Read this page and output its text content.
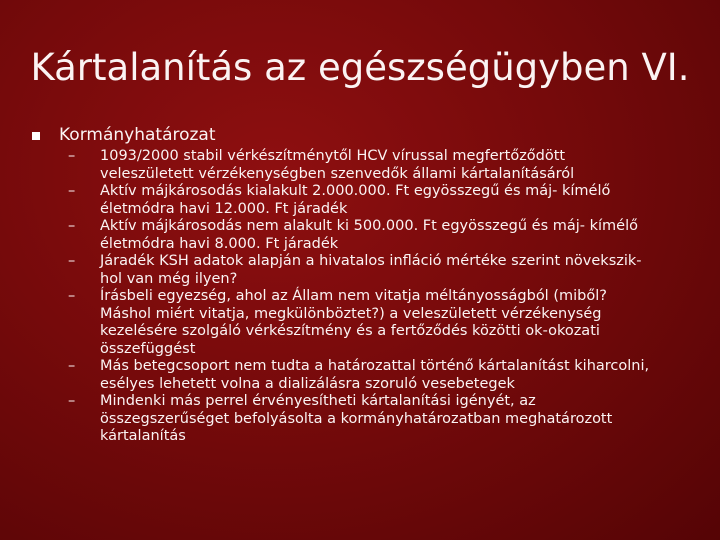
Kártalanítás az egészségügyben VI.
Kormányhatározat
–	1093/2000 stabil vérkészítménytől HCV vírussal megfertőződött veleszületett vérzékenységben szenvedők állami kártalanításáról
–	Aktív májkárosodás kialakult 2.000.000. Ft egyösszegű és máj- kímélő életmódra havi 12.000. Ft járadék
–	Aktív májkárosodás nem alakult ki 500.000. Ft egyösszegű és máj- kímélő életmódra havi 8.000. Ft járadék
–	Járadék KSH adatok alapján a hivatalos infláció mértéke szerint növekszik- hol van még ilyen?
–	Írásbeli egyezség, ahol az Állam nem vitatja méltányosságból (miből? Máshol miért vitatja, megkülönböztet?) a veleszületett vérzékenység kezelésére szolgáló vérkészítmény és a fertőződés közötti ok-okozati összefüggést
–	Más betegcsoport nem tudta a határozattal történő kártalanítást kiharcolni, esélyes lehetett volna a dializálásra szoruló vesebetegek
–	Mindenki más perrel érvényesítheti kártalanítási igényét, az összegszerűséget befolyásolta a kormányhatározatban meghatározott kártalanítás
